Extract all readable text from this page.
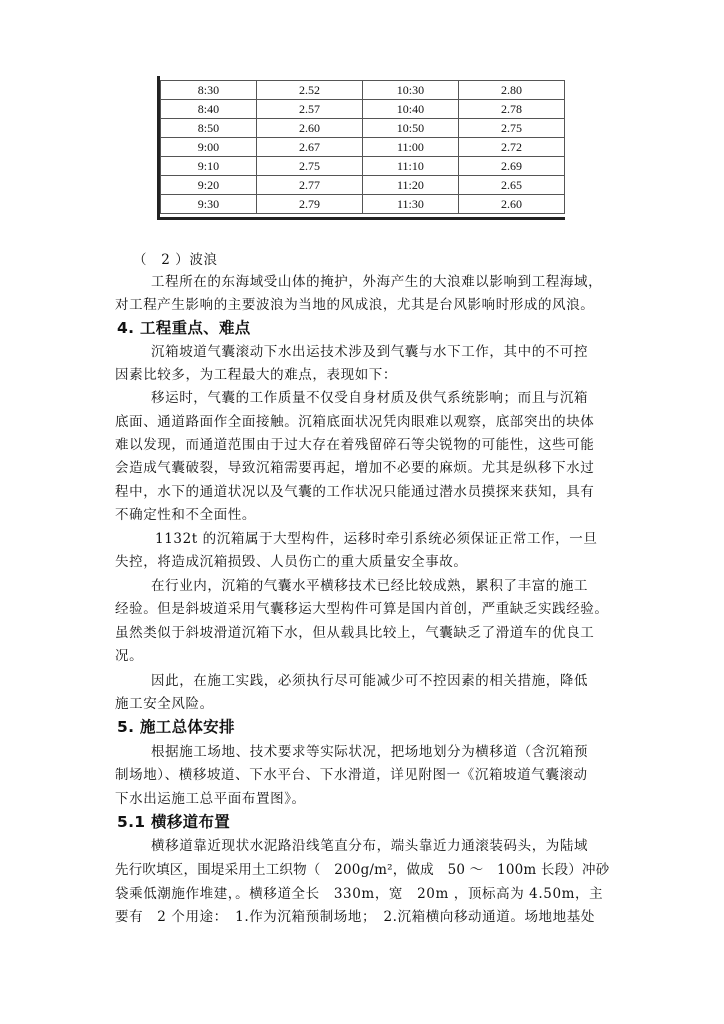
8:30	2.52	10:30	2.80
8:40	2.57	10:40	2.78
8:50	2.60	10:50	2.75
9:00	2.67	11:00	2.72
9:10	2.75	11:10	2.69
9:20	2.77	11:20	2.65
9:30	2.79	11:30	2.60
（　2 ）波浪
工程所在的东海域受山体的掩护，外海产生的大浪难以影响到工程海域，
对工程产生影响的主要波浪为当地的风成浪，尤其是台风影响时形成的风浪。
4. 工程重点、难点
沉箱坡道气囊滚动下水出运技术涉及到气囊与水下工作，其中的不可控
因素比较多，为工程最大的难点，表现如下：
移运时，气囊的工作质量不仅受自身材质及供气系统影响；而且与沉箱
底面、通道路面作全面接触。沉箱底面状况凭肉眼难以观察，底部突出的块体
难以发现，而通道范围由于过大存在着残留碎石等尖锐物的可能性，这些可能
会造成气囊破裂，导致沉箱需要再起，增加不必要的麻烦。尤其是纵移下水过
程中，水下的通道状况以及气囊的工作状况只能通过潜水员摸探来获知，具有
不确定性和不全面性。
1132t 的沉箱属于大型构件，运移时牵引系统必须保证正常工作，一旦
失控，将造成沉箱损毁、人员伤亡的重大质量安全事故。
在行业内，沉箱的气囊水平横移技术已经比较成熟，累积了丰富的施工
经验。但是斜坡道采用气囊移运大型构件可算是国内首创，严重缺乏实践经验。
虽然类似于斜坡滑道沉箱下水，但从载具比较上，气囊缺乏了滑道车的优良工
况。
因此，在施工实践，必须执行尽可能减少可不控因素的相关措施，降低
施工安全风险。
5. 施工总体安排
根据施工场地、技术要求等实际状况，把场地划分为横移道（含沉箱预
制场地）、横移坡道、下水平台、下水滑道，详见附图一《沉箱坡道气囊滚动
下水出运施工总平面布置图》。
5.1 横移道布置
横移道靠近现状水泥路沿线笔直分布，端头靠近力通滚装码头，为陆域
先行吹填区，围堤采用土工织物（　200g/m²，做成　50 ～　100m 长段）冲砂
袋乘低潮施作堆建，。横移道全长　330m，宽　20m ，顶标高为 4.50m，主
要有　2 个用途：　1.作为沉箱预制场地；　2.沉箱横向移动通道。场地地基处
